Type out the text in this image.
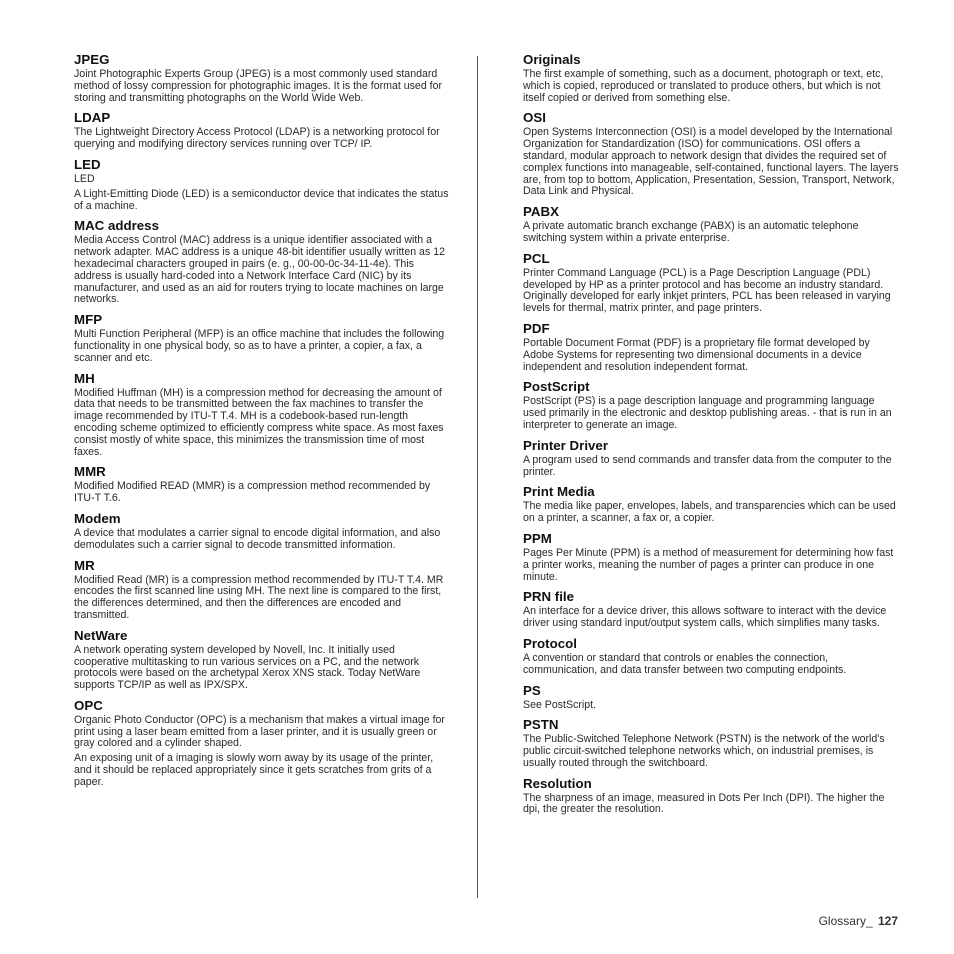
JPEG
Joint Photographic Experts Group (JPEG) is a most commonly used standard method of lossy compression for photographic images. It is the format used for storing and transmitting photographs on the World Wide Web.
LDAP
The Lightweight Directory Access Protocol (LDAP) is a networking protocol for querying and modifying directory services running over TCP/ IP.
LED
LED
A Light-Emitting Diode (LED) is a semiconductor device that indicates the status of a machine.
MAC address
Media Access Control (MAC) address is a unique identifier associated with a network adapter. MAC address is a unique 48-bit identifier usually written as 12 hexadecimal characters grouped in pairs (e. g., 00-00-0c-34-11-4e). This address is usually hard-coded into a Network Interface Card (NIC) by its manufacturer, and used as an aid for routers trying to locate machines on large networks.
MFP
Multi Function Peripheral (MFP) is an office machine that includes the following functionality in one physical body, so as to have a printer, a copier, a fax, a scanner and etc.
MH
Modified Huffman (MH) is a compression method for decreasing the amount of data that needs to be transmitted between the fax machines to transfer the image recommended by ITU-T T.4. MH is a codebook-based run-length encoding scheme optimized to efficiently compress white space. As most faxes consist mostly of white space, this minimizes the transmission time of most faxes.
MMR
Modified Modified READ (MMR) is a compression method recommended by ITU-T T.6.
Modem
A device that modulates a carrier signal to encode digital information, and also demodulates such a carrier signal to decode transmitted information.
MR
Modified Read (MR) is a compression method recommended by ITU-T T.4. MR encodes the first scanned line using MH. The next line is compared to the first, the differences determined, and then the differences are encoded and transmitted.
NetWare
A network operating system developed by Novell, Inc. It initially used cooperative multitasking to run various services on a PC, and the network protocols were based on the archetypal Xerox XNS stack. Today NetWare supports TCP/IP as well as IPX/SPX.
OPC
Organic Photo Conductor (OPC) is a mechanism that makes a virtual image for print using a laser beam emitted from a laser printer, and it is usually green or gray colored and a cylinder shaped.
An exposing unit of a imaging is slowly worn away by its usage of the printer, and it should be replaced appropriately since it gets scratches from grits of a paper.
Originals
The first example of something, such as a document, photograph or text, etc, which is copied, reproduced or translated to produce others, but which is not itself copied or derived from something else.
OSI
Open Systems Interconnection (OSI) is a model developed by the International Organization for Standardization (ISO) for communications. OSI offers a standard, modular approach to network design that divides the required set of complex functions into manageable, self-contained, functional layers. The layers are, from top to bottom, Application, Presentation, Session, Transport, Network, Data Link and Physical.
PABX
A private automatic branch exchange (PABX) is an automatic telephone switching system within a private enterprise.
PCL
Printer Command Language (PCL) is a Page Description Language (PDL) developed by HP as a printer protocol and has become an industry standard. Originally developed for early inkjet printers, PCL has been released in varying levels for thermal, matrix printer, and page printers.
PDF
Portable Document Format (PDF) is a proprietary file format developed by Adobe Systems for representing two dimensional documents in a device independent and resolution independent format.
PostScript
PostScript (PS) is a page description language and programming language used primarily in the electronic and desktop publishing areas. - that is run in an interpreter to generate an image.
Printer Driver
A program used to send commands and transfer data from the computer to the printer.
Print Media
The media like paper, envelopes, labels, and transparencies which can be used on a printer, a scanner, a fax or, a copier.
PPM
Pages Per Minute (PPM) is a method of measurement for determining how fast a printer works, meaning the number of pages a printer can produce in one minute.
PRN file
An interface for a device driver, this allows software to interact with the device driver using standard input/output system calls, which simplifies many tasks.
Protocol
A convention or standard that controls or enables the connection, communication, and data transfer between two computing endpoints.
PS
See PostScript.
PSTN
The Public-Switched Telephone Network (PSTN) is the network of the world's public circuit-switched telephone networks which, on industrial premises, is usually routed through the switchboard.
Resolution
The sharpness of an image, measured in Dots Per Inch (DPI). The higher the dpi, the greater the resolution.
Glossary_ 127
